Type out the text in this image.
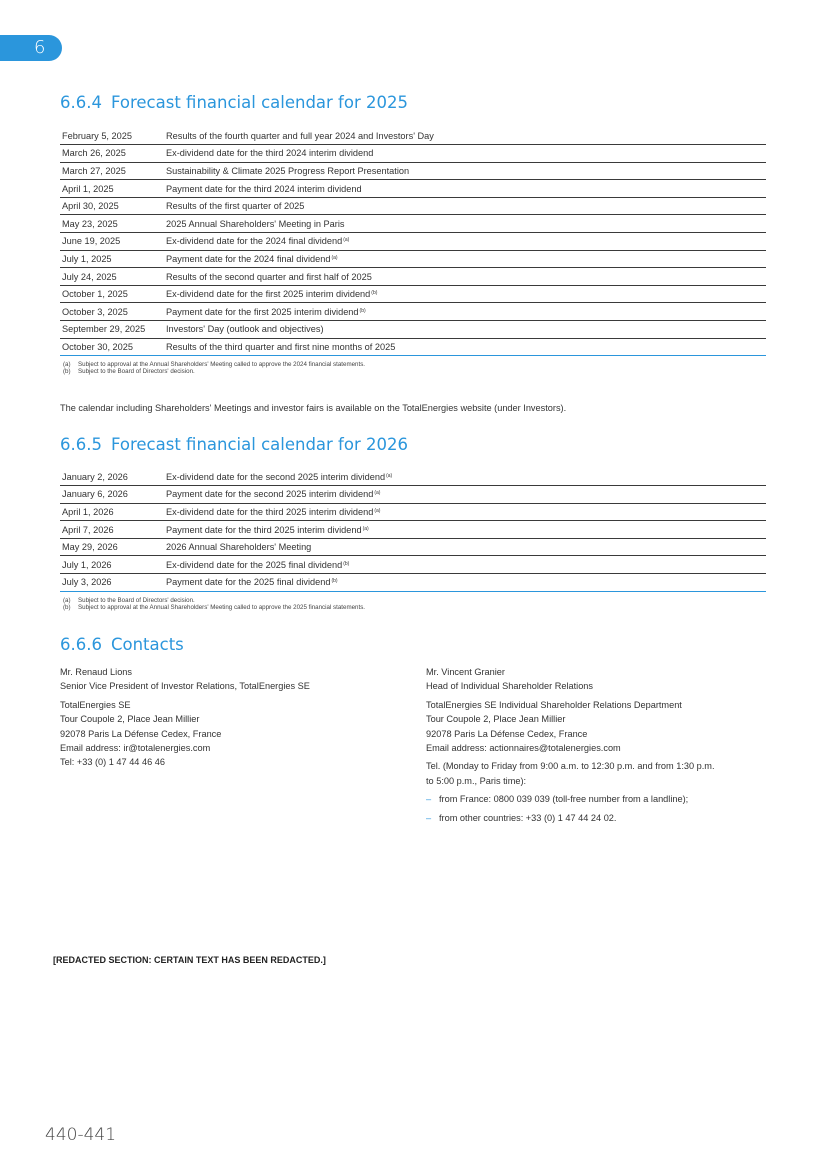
6
6.6.4 Forecast financial calendar for 2025
February 5, 2025	Results of the fourth quarter and full year 2024 and Investors' Day
March 26, 2025	Ex-dividend date for the third 2024 interim dividend
March 27, 2025	Sustainability & Climate 2025 Progress Report Presentation
April 1, 2025	Payment date for the third 2024 interim dividend
April 30, 2025	Results of the first quarter of 2025
May 23, 2025	2025 Annual Shareholders' Meeting in Paris
June 19, 2025	Ex-dividend date for the 2024 final dividend$^{(a)}$
July 1, 2025	Payment date for the 2024 final dividend$^{(a)}$
July 24, 2025	Results of the second quarter and first half of 2025
October 1, 2025	Ex-dividend date for the first 2025 interim dividend$^{(b)}$
October 3, 2025	Payment date for the first 2025 interim dividend$^{(b)}$
September 29, 2025	Investors' Day (outlook and objectives)
October 30, 2025	Results of the third quarter and first nine months of 2025
(a)	Subject to approval at the Annual Shareholders' Meeting called to approve the 2024 financial statements.
(b)	Subject to the Board of Directors' decision.
The calendar including Shareholders' Meetings and investor fairs is available on the TotalEnergies website (under Investors).
6.6.5 Forecast financial calendar for 2026
January 2, 2026	Ex-dividend date for the second 2025 interim dividend$^{(a)}$
January 6, 2026	Payment date for the second 2025 interim dividend$^{(a)}$
April 1, 2026	Ex-dividend date for the third 2025 interim dividend$^{(a)}$
April 7, 2026	Payment date for the third 2025 interim dividend$^{(a)}$
May 29, 2026	2026 Annual Shareholders' Meeting
July 1, 2026	Ex-dividend date for the 2025 final dividend$^{(b)}$
July 3, 2026	Payment date for the 2025 final dividend$^{(b)}$
(a)	Subject to the Board of Directors' decision.
(b)	Subject to approval at the Annual Shareholders' Meeting called to approve the 2025 financial statements.
6.6.6 Contacts
Mr. Renaud Lions
Senior Vice President of Investor Relations, TotalEnergies SE
TotalEnergies SE
Tour Coupole 2, Place Jean Millier
92078 Paris La Défense Cedex, France
Email address: ir@totalenergies.com
Tel: +33 (0) 1 47 44 46 46
Mr. Vincent Granier
Head of Individual Shareholder Relations
TotalEnergies SE Individual Shareholder Relations Department
Tour Coupole 2, Place Jean Millier
92078 Paris La Défense Cedex, France
Email address: actionnaires@totalenergies.com
Tel. (Monday to Friday from 9:00 a.m. to 12:30 p.m. and from 1:30 p.m.
to 5:00 p.m., Paris time):
– from France: 0800 039 039 (toll-free number from a landline);
– from other countries: +33 (0) 1 47 44 24 02.
[REDACTED SECTION: CERTAIN TEXT HAS BEEN REDACTED.]
440-441
